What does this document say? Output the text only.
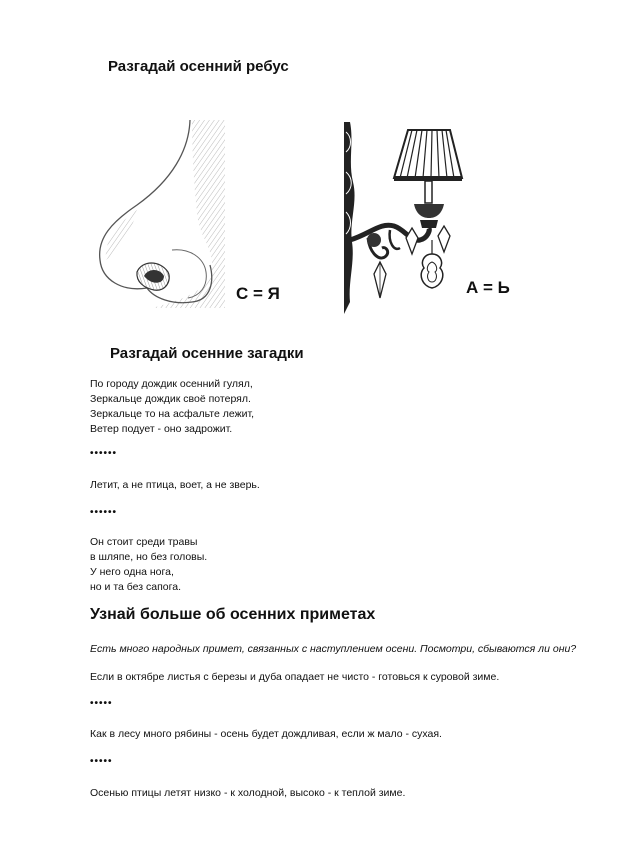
Разгадай осенний ребус
С = Я	А = Ь
Разгадай осенние загадки
По городу дождик осенний гулял,
Зеркальце дождик своё потерял.
Зеркальце то на асфальте лежит,
Ветер подует - оно задрожит.
••••••
Летит, а не птица, воет, а не зверь.
••••••
Он стоит среди травы
в шляпе, но без головы.
У него одна нога,
но и та без сапога.
Узнай больше об осенних приметах
Есть много народных примет, связанных с наступлением осени. Посмотри, сбываются ли они?
Если в октябре листья с березы и дуба опадает не чисто - готовься к суровой зиме.
•••••
Как в лесу много рябины - осень будет дождливая, если ж мало - сухая.
•••••
Осенью птицы летят низко - к холодной, высоко - к теплой зиме.
